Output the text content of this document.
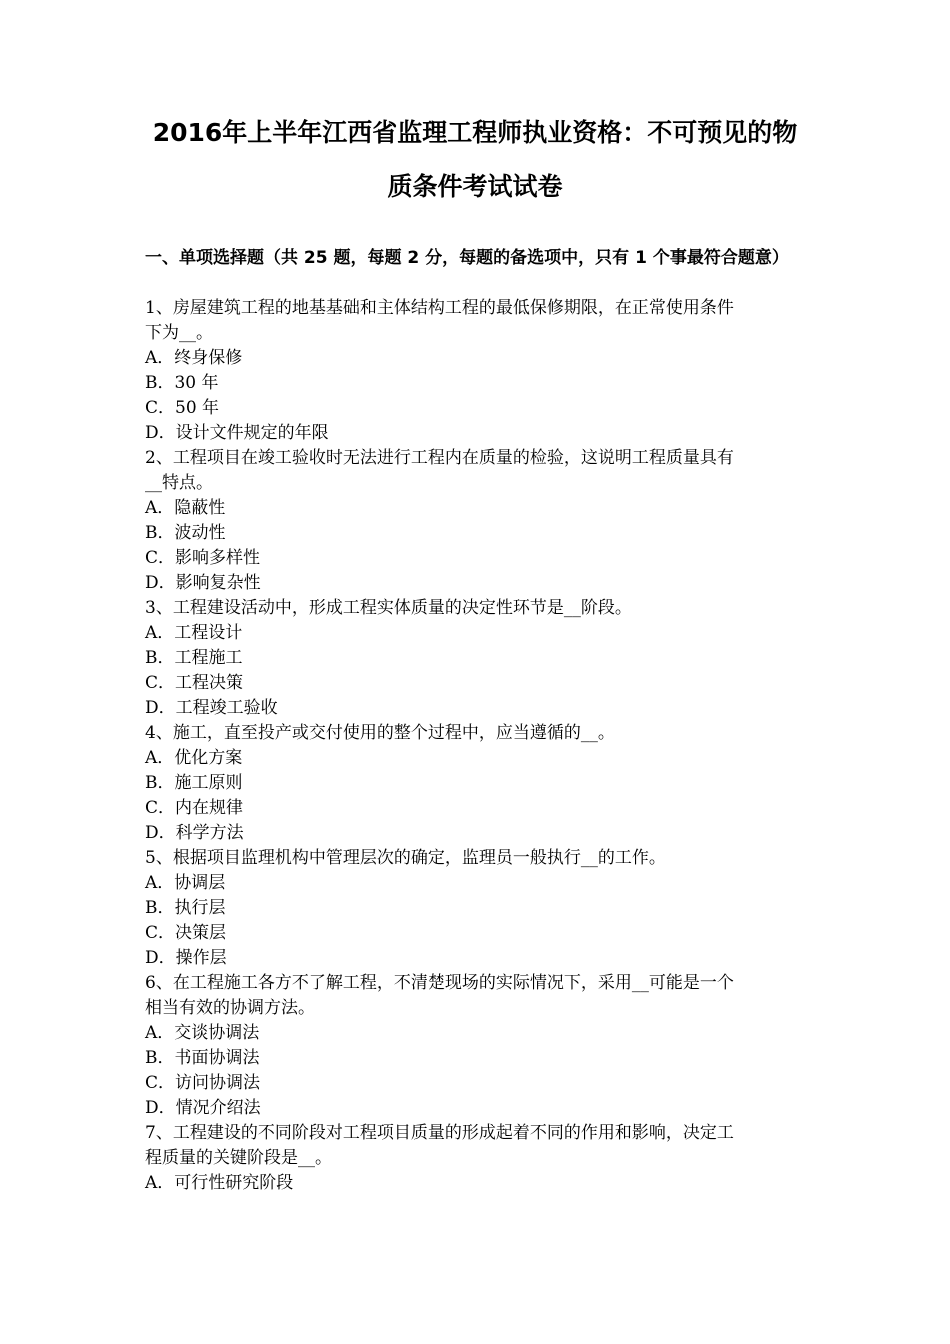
2016年上半年江西省监理工程师执业资格：不可预见的物
质条件考试试卷

一、单项选择题（共 25 题，每题 2 分，每题的备选项中，只有 1 个事最符合题意）

1、房屋建筑工程的地基基础和主体结构工程的最低保修期限，在正常使用条件

下为__。

A．终身保修

B．30 年

C．50 年

D．设计文件规定的年限

2、工程项目在竣工验收时无法进行工程内在质量的检验，这说明工程质量具有

__特点。

A．隐蔽性

B．波动性

C．影响多样性

D．影响复杂性

3、工程建设活动中，形成工程实体质量的决定性环节是__阶段。

A．工程设计

B．工程施工

C．工程决策

D．工程竣工验收

4、施工，直至投产或交付使用的整个过程中，应当遵循的__。

A．优化方案

B．施工原则

C．内在规律

D．科学方法

5、根据项目监理机构中管理层次的确定，监理员一般执行__的工作。

A．协调层

B．执行层

C．决策层

D．操作层

6、在工程施工各方不了解工程，不清楚现场的实际情况下，采用__可能是一个

相当有效的协调方法。

A．交谈协调法

B．书面协调法

C．访问协调法

D．情况介绍法

7、工程建设的不同阶段对工程项目质量的形成起着不同的作用和影响，决定工

程质量的关键阶段是__。

A．可行性研究阶段
